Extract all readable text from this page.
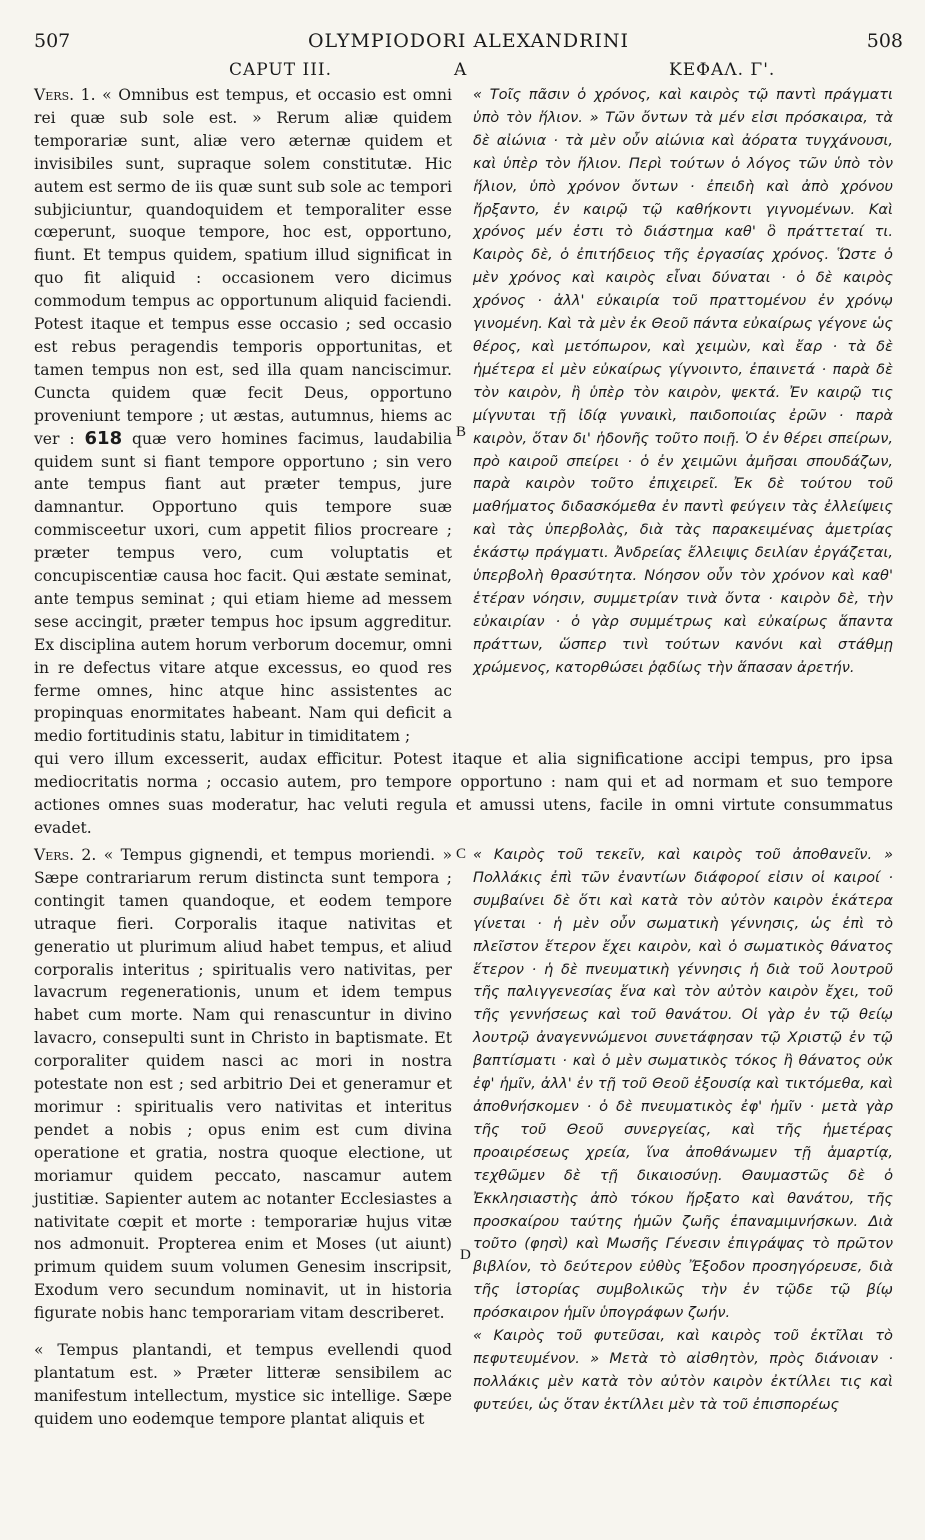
507	OLYMPIODORI ALEXANDRINI	508
CAPUT III.	A	ΚΕΦΑΛ. Γ'.

Vers. 1. « Omnibus est tempus, et occasio est omni rei quæ sub sole est. » Rerum aliæ quidem temporariæ sunt, aliæ vero æternæ quidem et invisibiles sunt, supraque solem constitutæ. Hic autem est sermo de iis quæ sunt sub sole ac tempori subjiciuntur, quandoquidem et temporaliter esse cœperunt, suoque tempore, hoc est, opportuno, fiunt. Et tempus quidem, spatium illud significat in quo fit aliquid : occasionem vero dicimus commodum tempus ac opportunum aliquid faciendi. Potest itaque et tempus esse occasio ; sed occasio est rebus peragendis temporis opportunitas, et tamen tempus non est, sed illa quam nanciscimur. Cuncta quidem quæ fecit Deus, opportuno proveniunt tempore ; ut æstas, autumnus, hiems ac ver : 618 quæ vero homines facimus, laudabilia quidem sunt si fiant tempore opportuno ; sin vero ante tempus fiant aut præter tempus, jure damnantur. Opportuno quis tempore suæ commisceetur uxori, cum appetit filios procreare ; præter tempus vero, cum voluptatis et concupiscentiæ causa hoc facit. Qui æstate seminat, ante tempus seminat ; qui etiam hieme ad messem sese accingit, præter tempus hoc ipsum aggreditur. Ex disciplina autem horum verborum docemur, omni in re defectus vitare atque excessus, eo quod res ferme omnes, hinc atque hinc assistentes ac propinquas enormitates habeant. Nam qui deficit a medio fortitudinis statu, labitur in timiditatem ;

« Τοῖς πᾶσιν ὁ χρόνος, καὶ καιρὸς τῷ παντὶ πράγματι ὑπὸ τὸν ἥλιον. » Τῶν ὄντων τὰ μέν εἰσι πρόσκαιρα, τὰ δὲ αἰώνια · τὰ μὲν οὖν αἰώνια καὶ ἀόρατα τυγχάνουσι, καὶ ὑπὲρ τὸν ἥλιον. Περὶ τούτων ὁ λόγος τῶν ὑπὸ τὸν ἥλιον, ὑπὸ χρόνον ὄντων · ἐπειδὴ καὶ ἀπὸ χρόνου ἤρξαντο, ἐν καιρῷ τῷ καθήκοντι γιγνομένων. Καὶ χρόνος μέν ἐστι τὸ διάστημα καθ' ὃ πράττεταί τι. Καιρὸς δὲ, ὁ ἐπιτήδειος τῆς ἐργασίας χρόνος. Ὥστε ὁ μὲν χρόνος καὶ καιρὸς εἶναι δύναται · ὁ δὲ καιρὸς χρόνος · ἀλλ' εὐκαιρία τοῦ πραττομένου ἐν χρόνῳ γινομένη. Καὶ τὰ μὲν ἐκ Θεοῦ πάντα εὐκαίρως γέγονε ὡς θέρος, καὶ μετόπωρον, καὶ χειμὼν, καὶ ἔαρ · τὰ δὲ ἡμέτερα εἰ μὲν εὐκαίρως γίγνοιντο, ἐπαινετά · παρὰ δὲ τὸν καιρὸν, ἢ ὑπὲρ τὸν καιρὸν, ψεκτά. Ἐν καιρῷ τις μίγνυται τῇ ἰδίᾳ γυναικὶ, παιδοποιίας ἐρῶν · παρὰ καιρὸν, ὅταν δι' ἡδονῆς τοῦτο ποιῇ. Ὁ ἐν θέρει σπείρων, πρὸ καιροῦ σπείρει · ὁ ἐν χειμῶνι ἀμῆσαι σπουδάζων, παρὰ καιρὸν τοῦτο ἐπιχειρεῖ. Ἐκ δὲ τούτου τοῦ μαθήματος διδασκόμεθα ἐν παντὶ φεύγειν τὰς ἐλλείψεις καὶ τὰς ὑπερβολὰς, διὰ τὰς παρακειμένας ἀμετρίας ἑκάστῳ πράγματι. Ἀνδρείας ἔλλειψις δειλίαν ἐργάζεται, ὑπερβολὴ θρασύτητα. Νόησον οὖν τὸν χρόνον καὶ καθ' ἑτέραν νόησιν, συμμετρίαν τινὰ ὄντα · καιρὸν δὲ, τὴν εὐκαιρίαν · ὁ γὰρ συμμέτρως καὶ εὐκαίρως ἅπαντα πράττων, ὥσπερ τινὶ τούτων κανόνι καὶ στάθμῃ χρώμενος, κατορθώσει ῥᾳδίως τὴν ἅπασαν ἀρετήν.

B

qui vero illum excesserit, audax efficitur. Potest itaque et alia significatione accipi tempus, pro ipsa mediocritatis norma ; occasio autem, pro tempore opportuno : nam qui et ad normam et suo tempore actiones omnes suas moderatur, hac veluti regula et amussi utens, facile in omni virtute consummatus evadet.

Vers. 2. « Tempus gignendi, et tempus moriendi. » Sæpe contrariarum rerum distincta sunt tempora ; contingit tamen quandoque, et eodem tempore utraque fieri. Corporalis itaque nativitas et generatio ut plurimum aliud habet tempus, et aliud corporalis interitus ; spiritualis vero nativitas, per lavacrum regenerationis, unum et idem tempus habet cum morte. Nam qui renascuntur in divino lavacro, consepulti sunt in Christo in baptismate. Et corporaliter quidem nasci ac mori in nostra potestate non est ; sed arbitrio Dei et generamur et morimur : spiritualis vero nativitas et interitus pendet a nobis ; opus enim est cum divina operatione et gratia, nostra quoque electione, ut moriamur quidem peccato, nascamur autem justitiæ. Sapienter autem ac notanter Ecclesiastes a nativitate cœpit et morte : temporariæ hujus vitæ nos admonuit. Propterea enim et Moses (ut aiunt) primum quidem suum volumen Genesim inscripsit, Exodum vero secundum nominavit, ut in historia figurate nobis hanc temporariam vitam describeret.

« Tempus plantandi, et tempus evellendi quod plantatum est. » Præter litteræ sensibilem ac manifestum intellectum, mystice sic intellige. Sæpe quidem uno eodemque tempore plantat aliquis et

C « Καιρὸς τοῦ τεκεῖν, καὶ καιρὸς τοῦ ἀποθανεῖν. » Πολλάκις ἐπὶ τῶν ἐναντίων διάφοροί εἰσιν οἱ καιροί · συμβαίνει δὲ ὅτι καὶ κατὰ τὸν αὐτὸν καιρὸν ἑκάτερα γίνεται · ἡ μὲν οὖν σωματικὴ γέννησις, ὡς ἐπὶ τὸ πλεῖστον ἕτερον ἔχει καιρὸν, καὶ ὁ σωματικὸς θάνατος ἕτερον · ἡ δὲ πνευματικὴ γέννησις ἡ διὰ τοῦ λουτροῦ τῆς παλιγγενεσίας ἕνα καὶ τὸν αὐτὸν καιρὸν ἔχει, τοῦ τῆς γεννήσεως καὶ τοῦ θανάτου. Οἱ γὰρ ἐν τῷ θείῳ λουτρῷ ἀναγεννώμενοι συνετάφησαν τῷ Χριστῷ ἐν τῷ βαπτίσματι · καὶ ὁ μὲν σωματικὸς τόκος ἢ θάνατος οὐκ ἐφ' ἡμῖν, ἀλλ' ἐν τῇ τοῦ Θεοῦ ἐξουσίᾳ καὶ τικτόμεθα, καὶ ἀποθνήσκομεν · ὁ δὲ πνευματικὸς ἐφ' ἡμῖν · μετὰ γὰρ τῆς τοῦ Θεοῦ συνεργείας, καὶ τῆς ἡμετέρας προαιρέσεως χρεία, ἵνα ἀποθάνωμεν τῇ ἁμαρτίᾳ, τεχθῶμεν δὲ τῇ δικαιοσύνῃ. Θαυμαστῶς δὲ ὁ Ἐκκλησιαστὴς ἀπὸ τόκου ἤρξατο καὶ θανάτου, τῆς προσκαίρου ταύτης ἡμῶν ζωῆς ἐπαναμιμνήσκων. Διὰ τοῦτο (φησὶ) καὶ Μωσῆς Γένεσιν ἐπιγράψας τὸ πρῶτον βιβλίον, τὸ δεύτερον εὐθὺς Ἔξοδον προσηγόρευσε, διὰ τῆς ἱστορίας συμβολικῶς τὴν ἐν τῷδε τῷ βίῳ πρόσκαιρον ἡμῖν ὑπογράφων ζωήν.

« Καιρὸς τοῦ φυτεῦσαι, καὶ καιρὸς τοῦ ἐκτῖλαι τὸ πεφυτευμένον. » Μετὰ τὸ αἰσθητὸν, πρὸς διάνοιαν · πολλάκις μὲν κατὰ τὸν αὐτὸν καιρὸν ἐκτίλλει τις καὶ φυτεύει, ὡς ὅταν ἐκτίλλει μὲν τὰ τοῦ ἐπισπορέως

D
